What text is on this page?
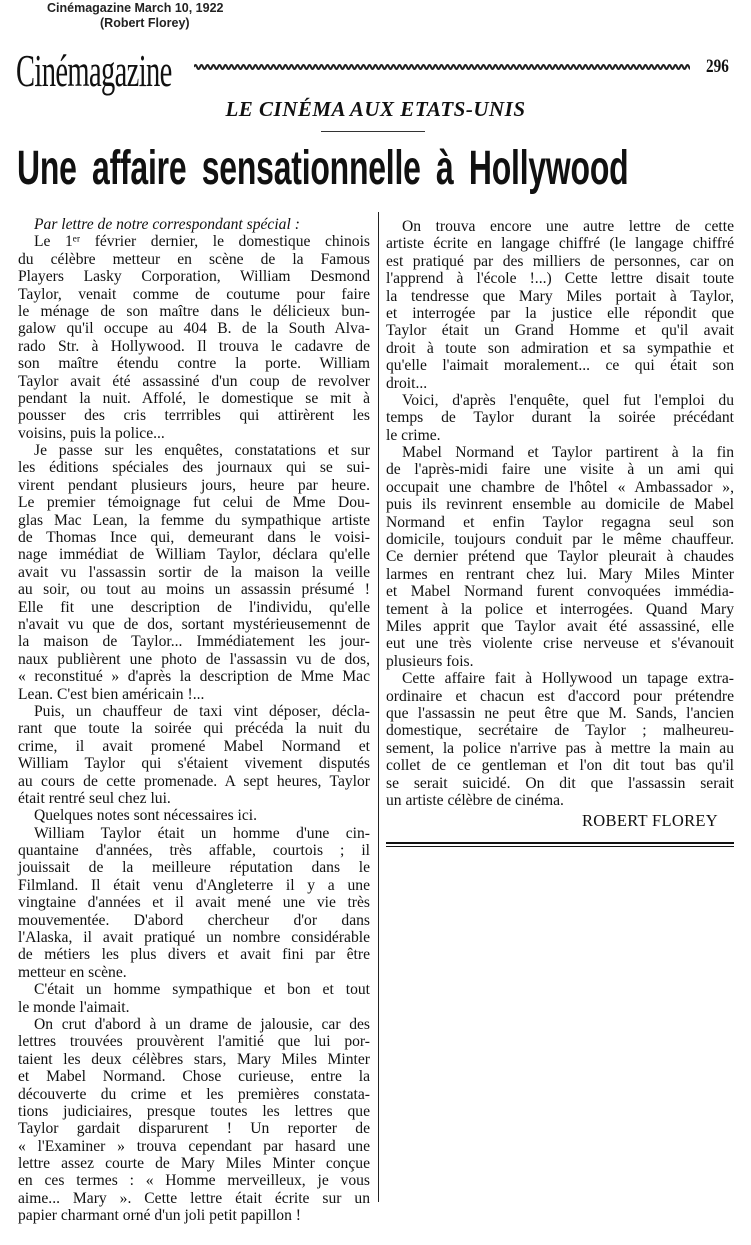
Cinémagazine March 10, 1922
(Robert Florey)
Cinémagazine	296
LE CINÉMA AUX ETATS-UNIS
Une affaire sensationnelle à Hollywood
Par lettre de notre correspondant spécial :
Le 1ᵉʳ février dernier, le domestique chinois
du célèbre metteur en scène de la Famous
Players Lasky Corporation, William Desmond
Taylor, venait comme de coutume pour faire
le ménage de son maître dans le délicieux bun-
galow qu'il occupe au 404 B. de la South Alva-
rado Str. à Hollywood. Il trouva le cadavre de
son maître étendu contre la porte. William
Taylor avait été assassiné d'un coup de revolver
pendant la nuit. Affolé, le domestique se mit à
pousser des cris terrribles qui attirèrent les
voisins, puis la police...
Je passe sur les enquêtes, constatations et sur
les éditions spéciales des journaux qui se sui-
virent pendant plusieurs jours, heure par heure.
Le premier témoignage fut celui de Mme Dou-
glas Mac Lean, la femme du sympathique artiste
de Thomas Ince qui, demeurant dans le voisi-
nage immédiat de William Taylor, déclara qu'elle
avait vu l'assassin sortir de la maison la veille
au soir, ou tout au moins un assassin présumé !
Elle fit une description de l'individu, qu'elle
n'avait vu que de dos, sortant mystérieusemennt de
la maison de Taylor... Immédiatement les jour-
naux publièrent une photo de l'assassin vu de dos,
« reconstitué » d'après la description de Mme Mac
Lean. C'est bien américain !...
Puis, un chauffeur de taxi vint déposer, décla-
rant que toute la soirée qui précéda la nuit du
crime, il avait promené Mabel Normand et
William Taylor qui s'étaient vivement disputés
au cours de cette promenade. A sept heures, Taylor
était rentré seul chez lui.
Quelques notes sont nécessaires ici.
William Taylor était un homme d'une cin-
quantaine d'années, très affable, courtois ; il
jouissait de la meilleure réputation dans le
Filmland. Il était venu d'Angleterre il y a une
vingtaine d'années et il avait mené une vie très
mouvementée. D'abord chercheur d'or dans
l'Alaska, il avait pratiqué un nombre considérable
de métiers les plus divers et avait fini par être
metteur en scène.
C'était un homme sympathique et bon et tout
le monde l'aimait.
On crut d'abord à un drame de jalousie, car des
lettres trouvées prouvèrent l'amitié que lui por-
taient les deux célèbres stars, Mary Miles Minter
et Mabel Normand. Chose curieuse, entre la
découverte du crime et les premières constata-
tions judiciaires, presque toutes les lettres que
Taylor gardait disparurent ! Un reporter de
« l'Examiner » trouva cependant par hasard une
lettre assez courte de Mary Miles Minter conçue
en ces termes : « Homme merveilleux, je vous
aime... Mary ». Cette lettre était écrite sur un
papier charmant orné d'un joli petit papillon !
On trouva encore une autre lettre de cette
artiste écrite en langage chiffré (le langage chiffré
est pratiqué par des milliers de personnes, car on
l'apprend à l'école !...) Cette lettre disait toute
la tendresse que Mary Miles portait à Taylor,
et interrogée par la justice elle répondit que
Taylor était un Grand Homme et qu'il avait
droit à toute son admiration et sa sympathie et
qu'elle l'aimait moralement... ce qui était son
droit...
Voici, d'après l'enquête, quel fut l'emploi du
temps de Taylor durant la soirée précédant
le crime.
Mabel Normand et Taylor partirent à la fin
de l'après-midi faire une visite à un ami qui
occupait une chambre de l'hôtel « Ambassador »,
puis ils revinrent ensemble au domicile de Mabel
Normand et enfin Taylor regagna seul son
domicile, toujours conduit par le même chauffeur.
Ce dernier prétend que Taylor pleurait à chaudes
larmes en rentrant chez lui. Mary Miles Minter
et Mabel Normand furent convoquées immédia-
tement à la police et interrogées. Quand Mary
Miles apprit que Taylor avait été assassiné, elle
eut une très violente crise nerveuse et s'évanouit
plusieurs fois.
Cette affaire fait à Hollywood un tapage extra-
ordinaire et chacun est d'accord pour prétendre
que l'assassin ne peut être que M. Sands, l'ancien
domestique, secrétaire de Taylor ; malheureu-
sement, la police n'arrive pas à mettre la main au
collet de ce gentleman et l'on dit tout bas qu'il
se serait suicidé. On dit que l'assassin serait
un artiste célèbre de cinéma.
ROBERT FLOREY
